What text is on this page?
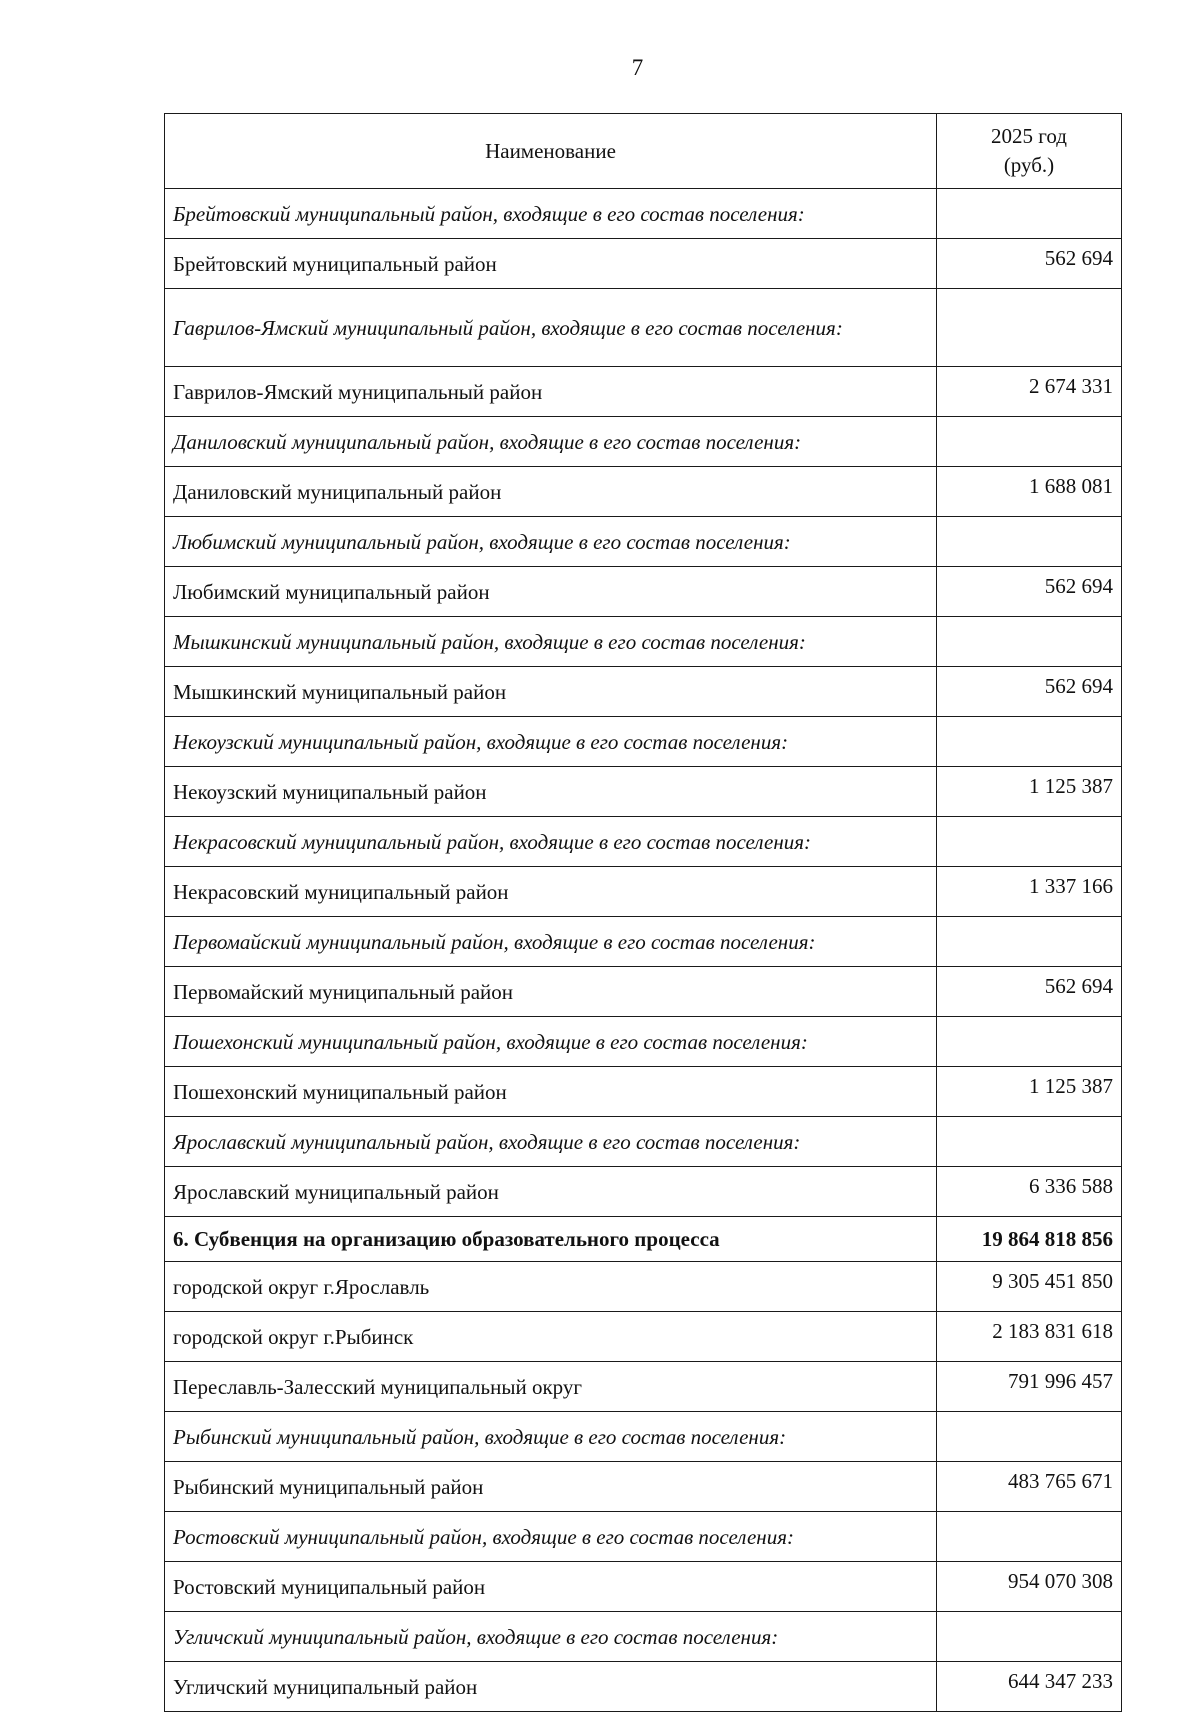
7
Наименование	2025 год
(руб.)
Брейтовский муниципальный район, входящие в его состав поселения:	
Брейтовский муниципальный район	562 694
Гаврилов-Ямский муниципальный район, входящие в его состав поселения:	
Гаврилов-Ямский муниципальный район	2 674 331
Даниловский муниципальный район, входящие в его состав поселения:	
Даниловский муниципальный район	1 688 081
Любимский муниципальный район, входящие в его состав поселения:	
Любимский муниципальный район	562 694
Мышкинский муниципальный район, входящие в его состав поселения:	
Мышкинский муниципальный район	562 694
Некоузский муниципальный район, входящие в его состав поселения:	
Некоузский муниципальный район	1 125 387
Некрасовский муниципальный район, входящие в его состав поселения:	
Некрасовский муниципальный район	1 337 166
Первомайский муниципальный район, входящие в его состав поселения:	
Первомайский муниципальный район	562 694
Пошехонский муниципальный район, входящие в его состав поселения:	
Пошехонский муниципальный район	1 125 387
Ярославский муниципальный район, входящие в его состав поселения:	
Ярославский муниципальный район	6 336 588
6. Субвенция на организацию образовательного процесса	19 864 818 856
городской округ г.Ярославль	9 305 451 850
городской округ г.Рыбинск	2 183 831 618
Переславль-Залесский муниципальный округ	791 996 457
Рыбинский муниципальный район, входящие в его состав поселения:	
Рыбинский муниципальный район	483 765 671
Ростовский муниципальный район, входящие в его состав поселения:	
Ростовский муниципальный район	954 070 308
Угличский муниципальный район, входящие в его состав поселения:	
Угличский муниципальный район	644 347 233
